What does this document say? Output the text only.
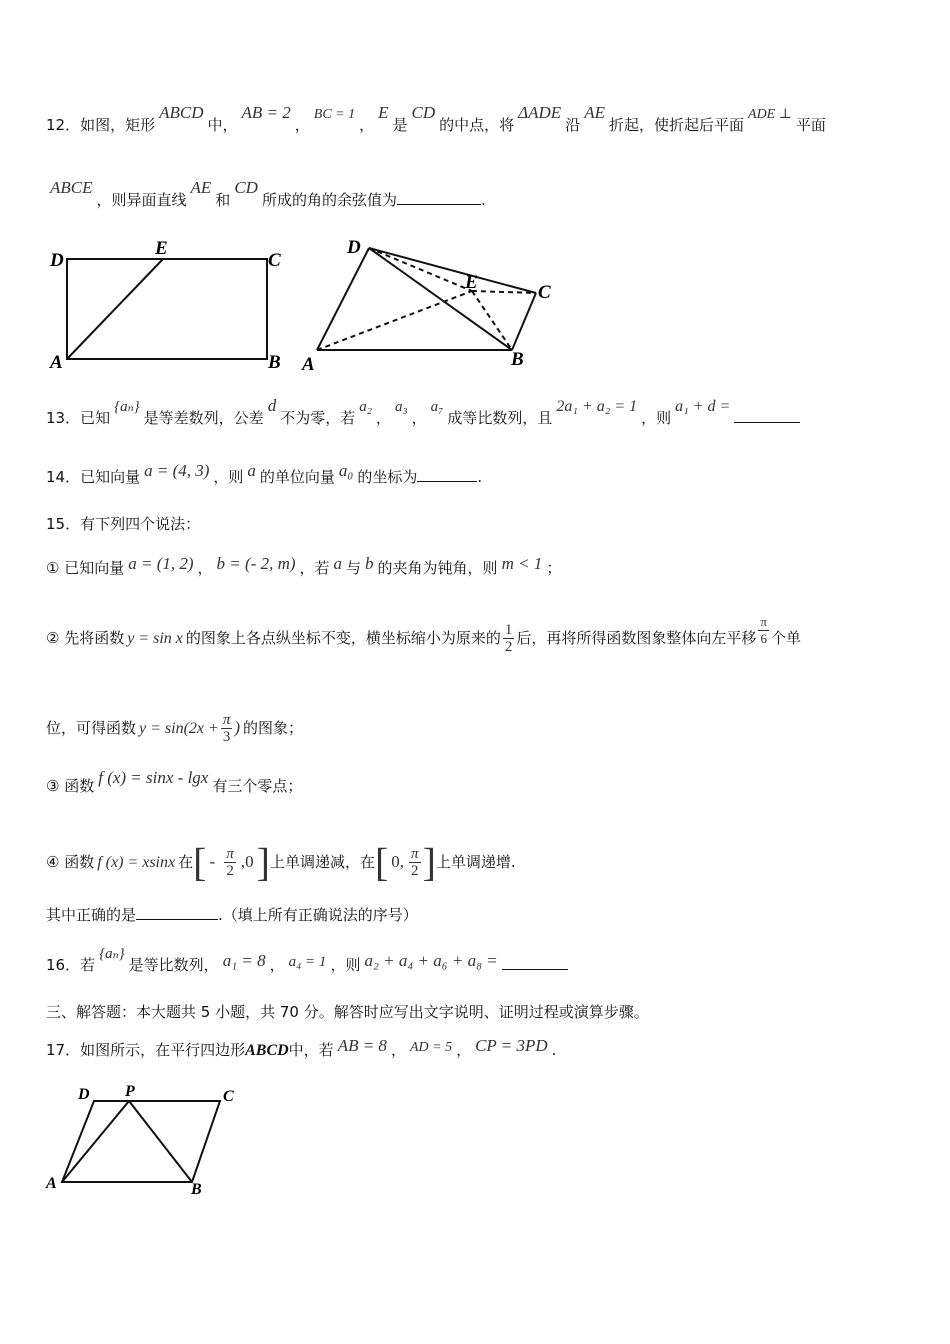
12．如图，矩形ABCD中，AB = 2，BC = 1，E是CD的中点，将ΔADE沿AE折起，使折起后平面ADE ⊥平面
ABCE，则异面直线AE和CD所成的角的余弦值为	.
D
E
C
A	B
D
E	C
A	B
13．已知{aₙ}是等差数列，公差d不为零，若a₂，a₃，a₇成等比数列，且2a₁ + a₂ = 1，则a₁ + d =
14．已知向量 a = (4, 3) ，则 a 的单位向量 a₀ 的坐标为	.
15．有下列四个说法：
① 已知向量 a = (1, 2) ， b = (- 2, m) ，若 a 与 b 的夹角为钝角，则 m < 1 ；
② 先将函数 y = sin x 的图象上各点纵坐标不变，横坐标缩小为原来的 $\frac{1}{2}$ 后，再将所得函数图象整体向左平移 $\frac{\pi}{6}$ 个单
位，可得函数 $y = \sin(2x + \frac{\pi}{3}$ ) 的图象；
③ 函数 f (x) = sinx - lgx 有三个零点；
④ 函数 f (x) = xsinx 在[ - $\frac{\pi}{2} ,0$]上单调递减，在[ 0, $\frac{\pi}{2}$ ]上单调递增.
其中正确的是	.（填上所有正确说法的序号）
16．若{aₙ}是等比数列， a₁ = 8 ， a₄ = 1 ，则 a₂ + a₄ + a₆ + a₈ =
三、解答题：本大题共 5 小题，共 70 分。解答时应写出文字说明、证明过程或演算步骤。
17．如图所示，在平行四边形ABCD中，若 AB = 8 ， AD = 5 ， CP = 3PD .
D P	C
A	B
